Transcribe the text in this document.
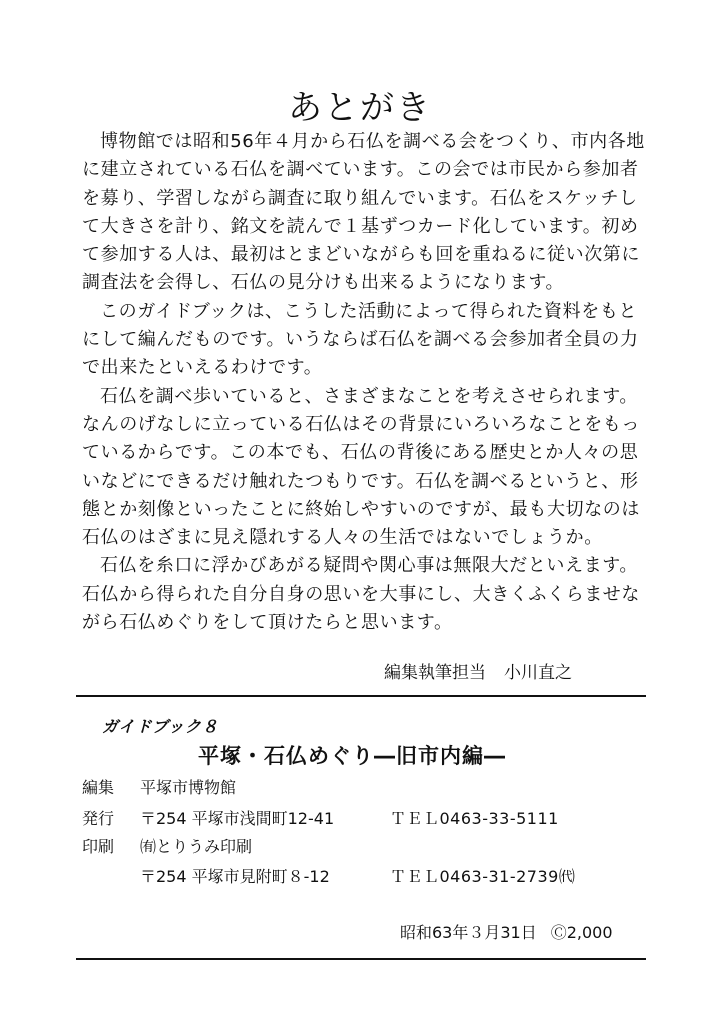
あとがき
博物館では昭和56年４月から石仏を調べる会をつくり、市内各地
に建立されている石仏を調べています。この会では市民から参加者
を募り、学習しながら調査に取り組んでいます。石仏をスケッチし
て大きさを計り、銘文を読んで１基ずつカード化しています。初め
て参加する人は、最初はとまどいながらも回を重ねるに従い次第に
調査法を会得し、石仏の見分けも出来るようになります。
このガイドブックは、こうした活動によって得られた資料をもと
にして編んだものです。いうならば石仏を調べる会参加者全員の力
で出来たといえるわけです。
石仏を調べ歩いていると、さまざまなことを考えさせられます。
なんのげなしに立っている石仏はその背景にいろいろなことをもっ
ているからです。この本でも、石仏の背後にある歴史とか人々の思
いなどにできるだけ触れたつもりです。石仏を調べるというと、形
態とか刻像といったことに終始しやすいのですが、最も大切なのは
石仏のはざまに見え隠れする人々の生活ではないでしょうか。
石仏を糸口に浮かびあがる疑問や関心事は無限大だといえます。
石仏から得られた自分自身の思いを大事にし、大きくふくらませな
がら石仏めぐりをして頂けたらと思います。
編集執筆担当 小川直之
ガイドブック８
平塚・石仏めぐり―旧市内編―
編集 平塚市博物館
発行 〒254 平塚市浅間町12-41	ＴＥＬ0463-33-5111
印刷 ㈲とりうみ印刷
〒254 平塚市見附町８-12	ＴＥＬ0463-31-2739㈹
昭和63年３月31日 Ⓒ2,000
